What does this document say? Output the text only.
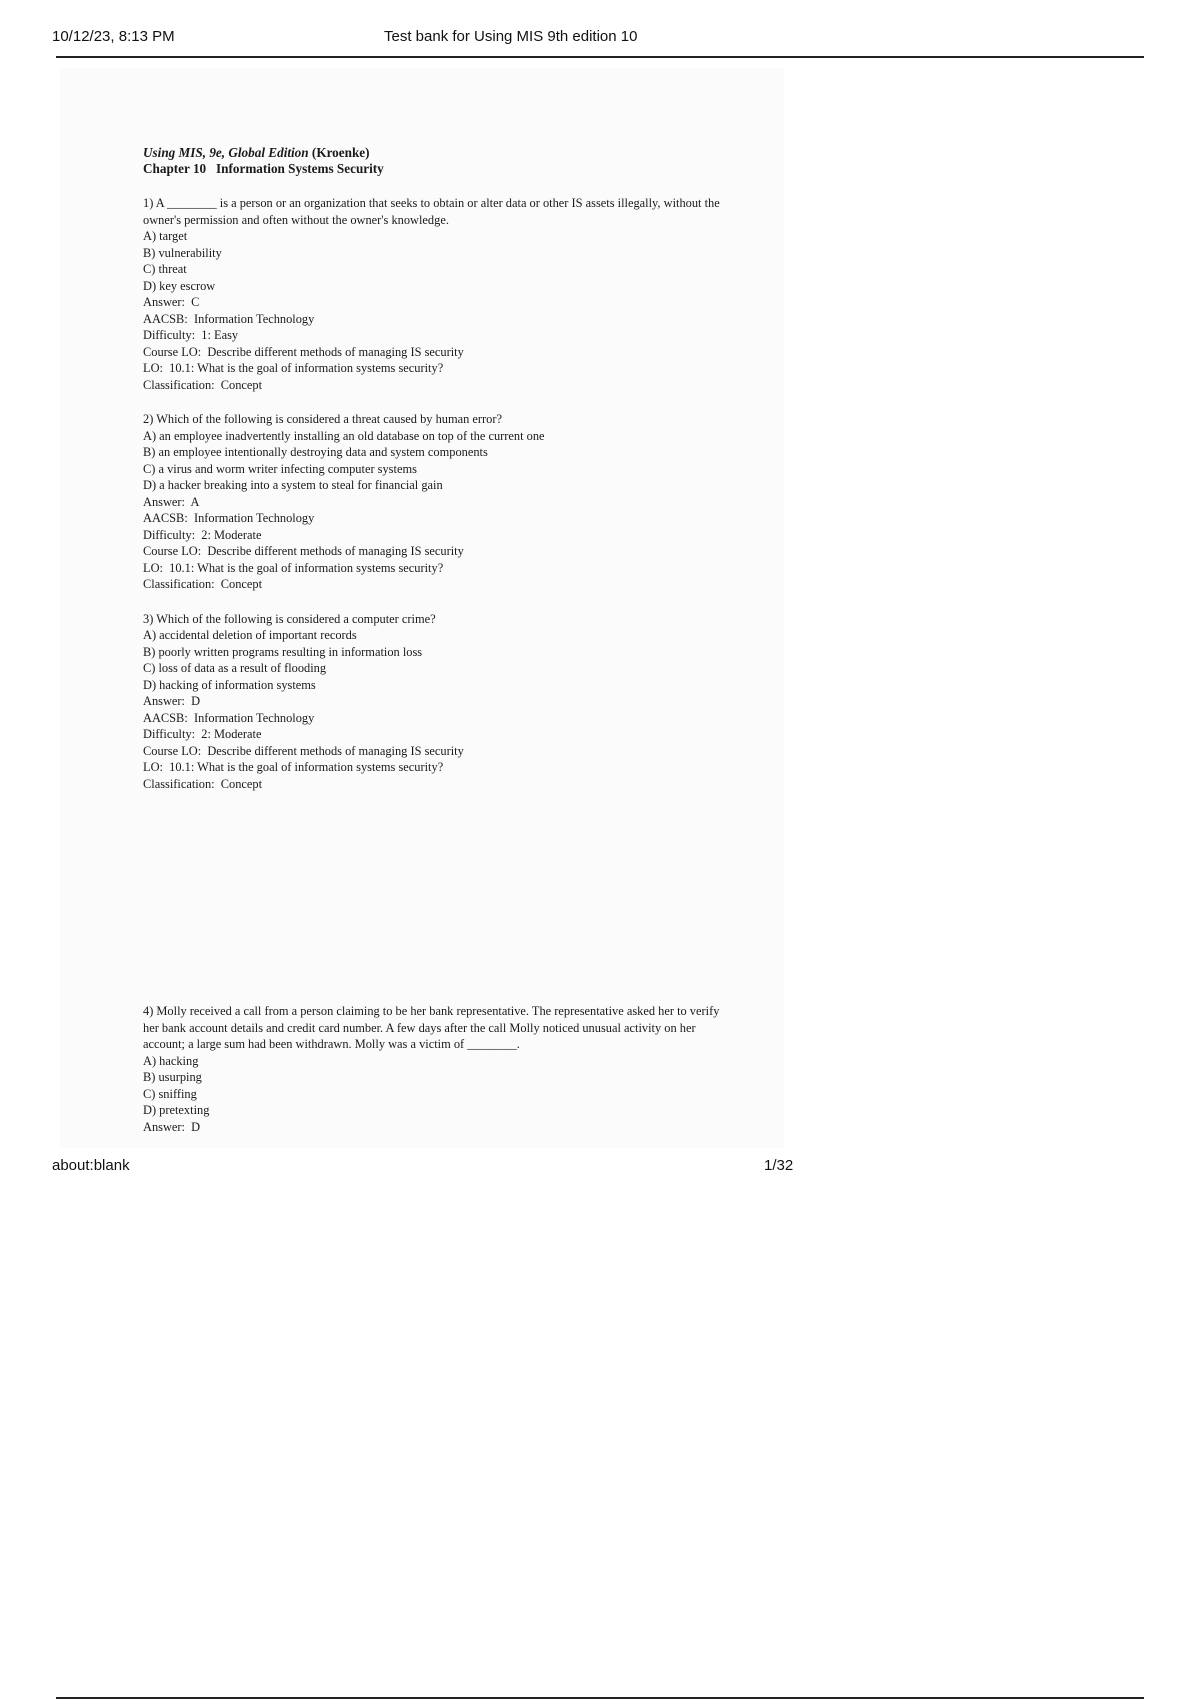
10/12/23, 8:13 PM	Test bank for Using MIS 9th edition 10
Using MIS, 9e, Global Edition (Kroenke)
Chapter 10   Information Systems Security
1) A ________ is a person or an organization that seeks to obtain or alter data or other IS assets illegally, without the owner's permission and often without the owner's knowledge.
A) target
B) vulnerability
C) threat
D) key escrow
Answer:  C
AACSB:  Information Technology
Difficulty:  1: Easy
Course LO:  Describe different methods of managing IS security
LO:  10.1: What is the goal of information systems security?
Classification:  Concept
2) Which of the following is considered a threat caused by human error?
A) an employee inadvertently installing an old database on top of the current one
B) an employee intentionally destroying data and system components
C) a virus and worm writer infecting computer systems
D) a hacker breaking into a system to steal for financial gain
Answer:  A
AACSB:  Information Technology
Difficulty:  2: Moderate
Course LO:  Describe different methods of managing IS security
LO:  10.1: What is the goal of information systems security?
Classification:  Concept
3) Which of the following is considered a computer crime?
A) accidental deletion of important records
B) poorly written programs resulting in information loss
C) loss of data as a result of flooding
D) hacking of information systems
Answer:  D
AACSB:  Information Technology
Difficulty:  2: Moderate
Course LO:  Describe different methods of managing IS security
LO:  10.1: What is the goal of information systems security?
Classification:  Concept
4) Molly received a call from a person claiming to be her bank representative. The representative asked her to verify her bank account details and credit card number. A few days after the call Molly noticed unusual activity on her account; a large sum had been withdrawn. Molly was a victim of ________.
A) hacking
B) usurping
C) sniffing
D) pretexting
Answer:  D
about:blank	1/32
